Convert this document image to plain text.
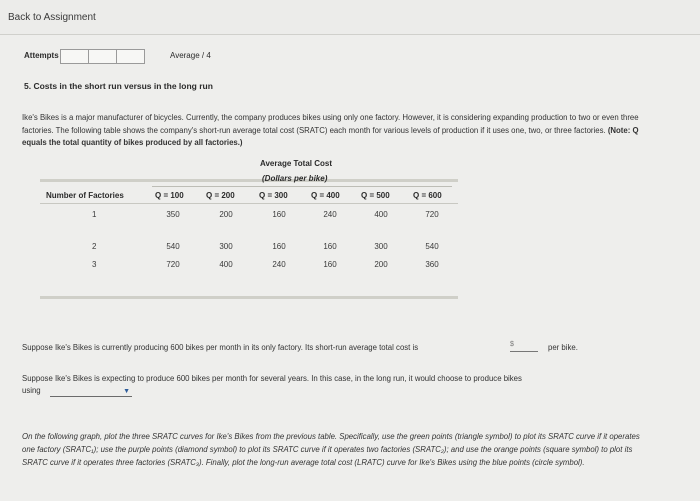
Back to Assignment
Attempts	Average / 4
5. Costs in the short run versus in the long run
Ike's Bikes is a major manufacturer of bicycles. Currently, the company produces bikes using only one factory. However, it is considering expanding production to two or even three factories. The following table shows the company's short-run average total cost (SRATC) each month for various levels of production if it uses one, two, or three factories. (Note: Q equals the total quantity of bikes produced by all factories.)
Average Total Cost
(Dollars per bike)
Number of Factories	Q = 100	Q = 200	Q = 300	Q = 400	Q = 500	Q = 600
1	350	200	160	240	400	720
2	540	300	160	160	300	540
3	720	400	240	160	200	360
Suppose Ike's Bikes is currently producing 600 bikes per month in its only factory. Its short-run average total cost is	$	per bike.
Suppose Ike's Bikes is expecting to produce 600 bikes per month for several years. In this case, in the long run, it would choose to produce bikes
using	▼
On the following graph, plot the three SRATC curves for Ike's Bikes from the previous table. Specifically, use the green points (triangle symbol) to plot its SRATC curve if it operates one factory (SRATC₁); use the purple points (diamond symbol) to plot its SRATC curve if it operates two factories (SRATC₂); and use the orange points (square symbol) to plot its SRATC curve if it operates three factories (SRATC₃). Finally, plot the long-run average total cost (LRATC) curve for Ike's Bikes using the blue points (circle symbol).
